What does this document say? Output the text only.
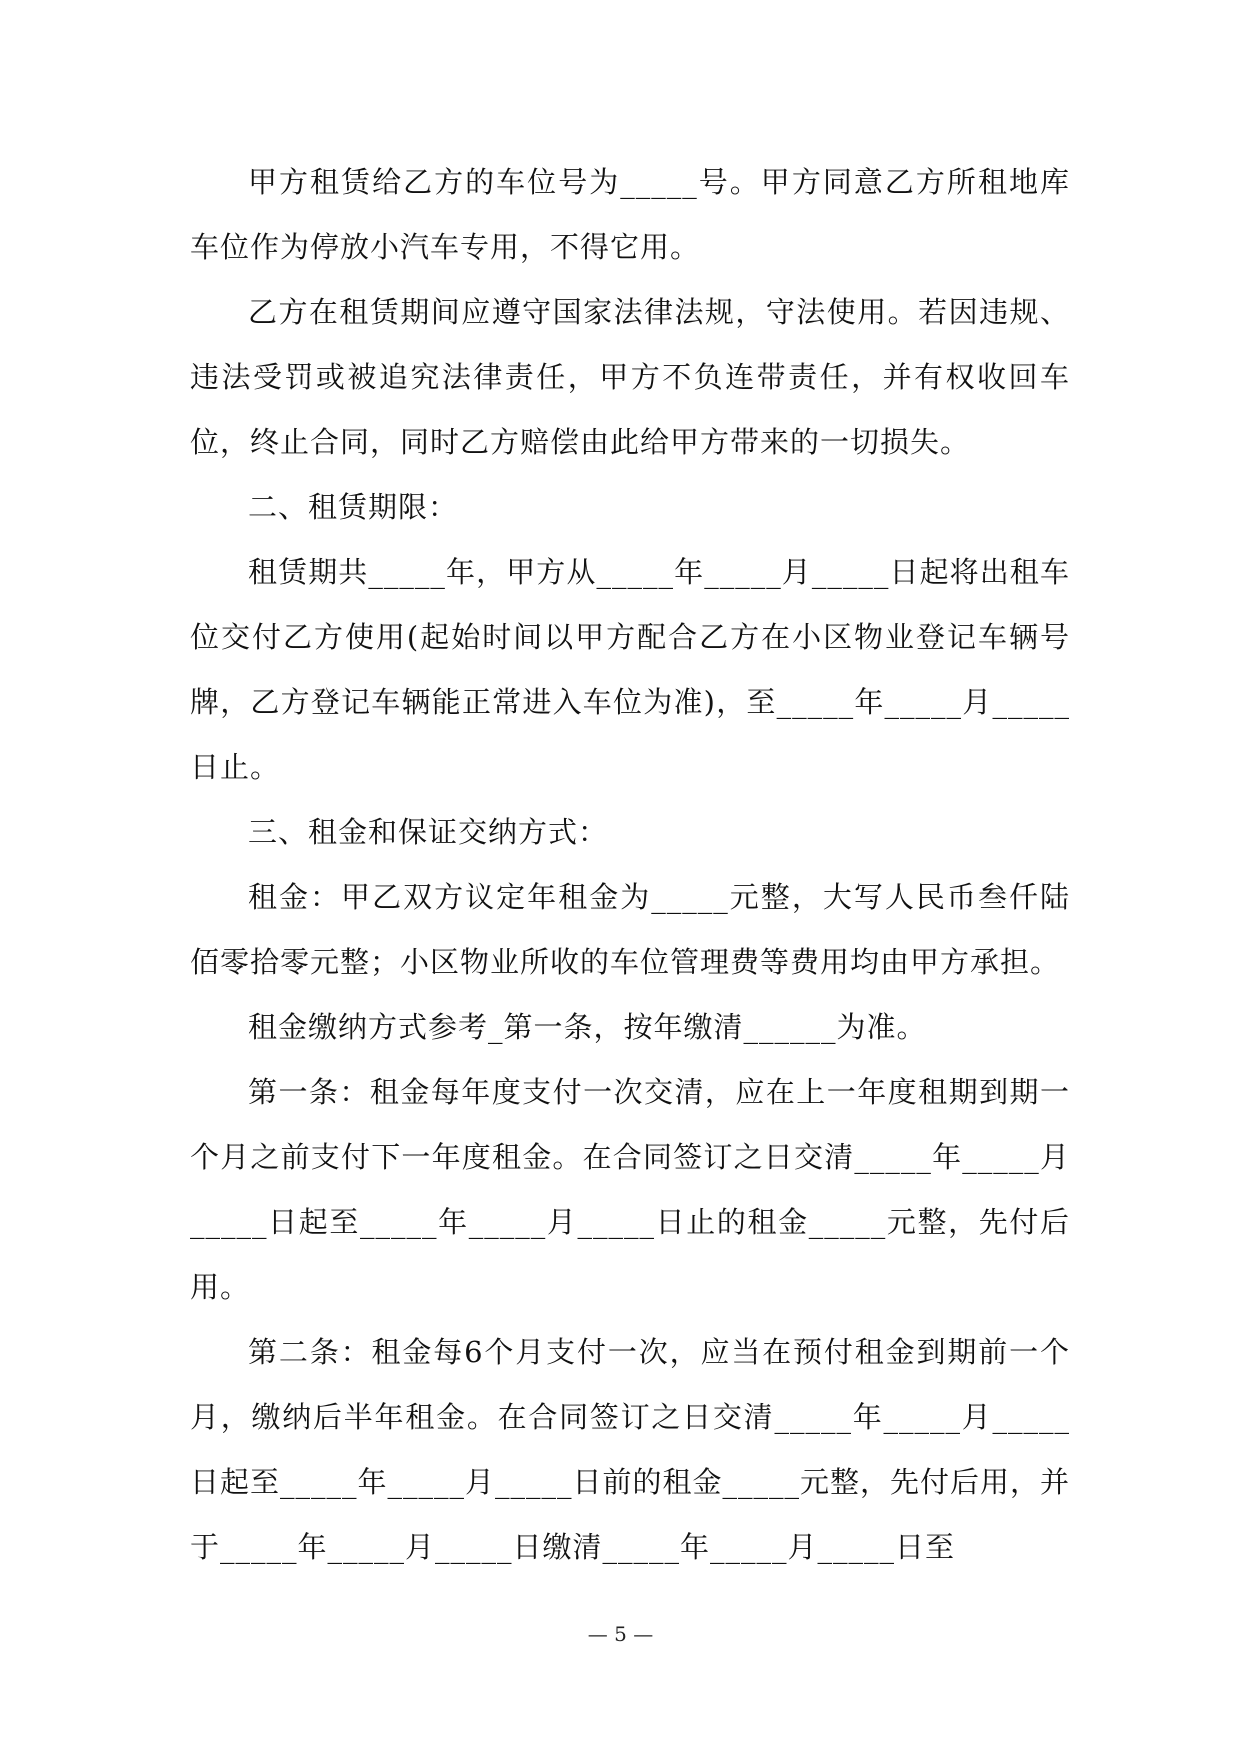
甲方租赁给乙方的车位号为_____号。甲方同意乙方所租地库车位作为停放小汽车专用，不得它用。

乙方在租赁期间应遵守国家法律法规，守法使用。若因违规、违法受罚或被追究法律责任，甲方不负连带责任，并有权收回车位，终止合同，同时乙方赔偿由此给甲方带来的一切损失。

二、租赁期限：

租赁期共_____年，甲方从_____年_____月_____日起将出租车位交付乙方使用(起始时间以甲方配合乙方在小区物业登记车辆号牌，乙方登记车辆能正常进入车位为准)，至_____年_____月_____日止。

三、租金和保证交纳方式：

租金：甲乙双方议定年租金为_____元整，大写人民币叁仟陆佰零拾零元整；小区物业所收的车位管理费等费用均由甲方承担。

租金缴纳方式参考_第一条，按年缴清______为准。

第一条：租金每年度支付一次交清，应在上一年度租期到期一个月之前支付下一年度租金。在合同签订之日交清_____年_____月_____日起至_____年_____月_____日止的租金_____元整，先付后用。

第二条：租金每6个月支付一次，应当在预付租金到期前一个月，缴纳后半年租金。在合同签订之日交清_____年_____月_____日起至_____年_____月_____日前的租金_____元整，先付后用，并于_____年_____月_____日缴清_____年_____月_____日至

— 5 —
